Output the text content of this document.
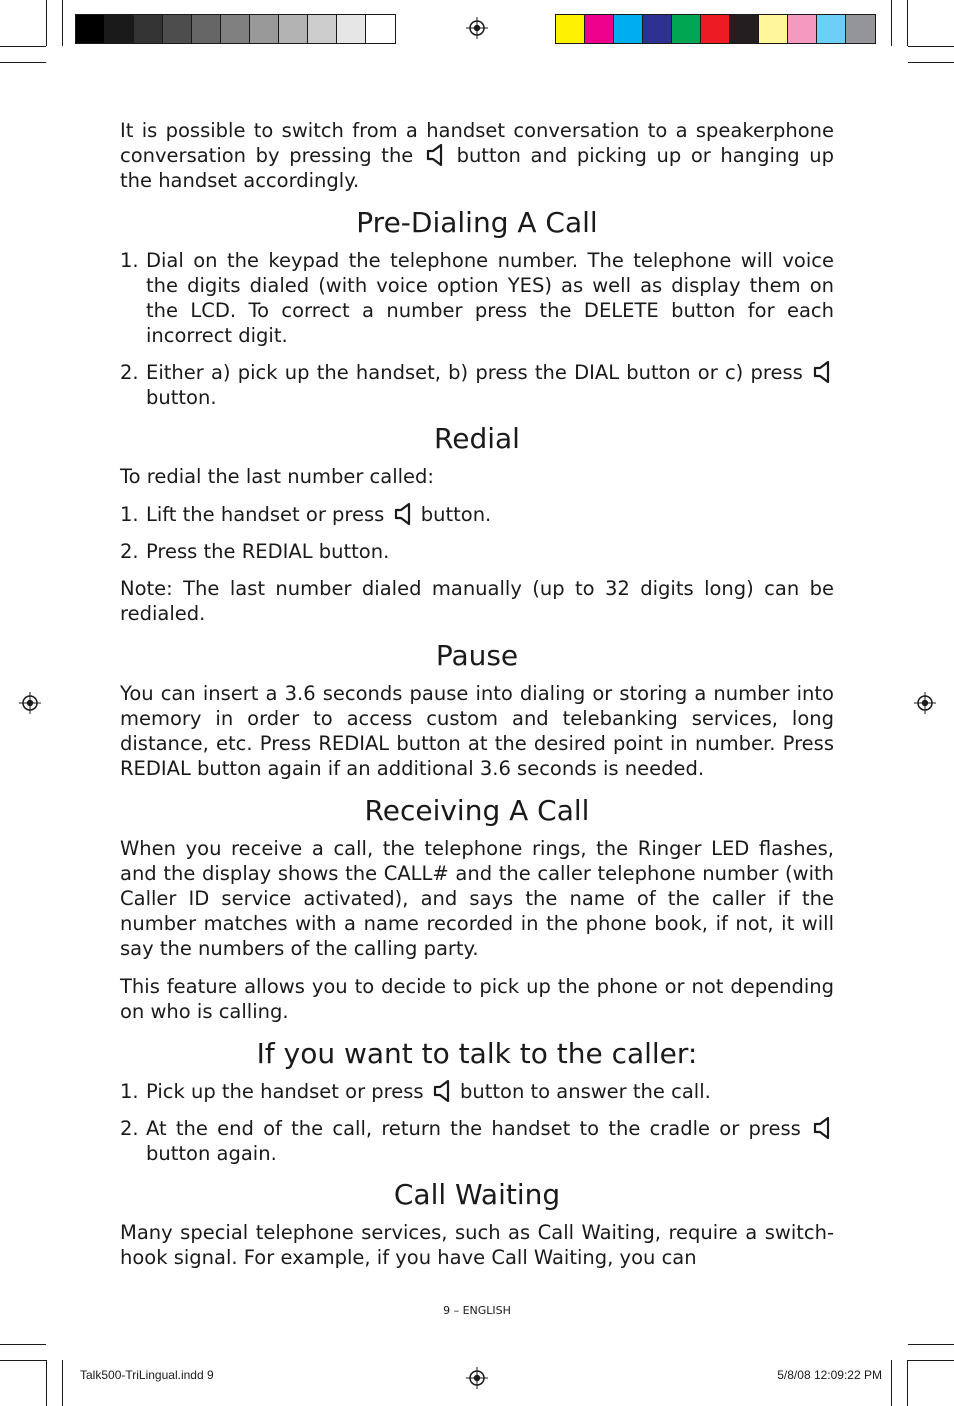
It is possible to switch from a handset conversation to a speakerphone conversation by pressing the  button and picking up or hanging up the handset accordingly.

Pre-Dialing A Call
1. Dial on the keypad the telephone number. The telephone will voice the digits dialed (with voice option YES) as well as display them on the LCD. To correct a number press the DELETE button for each incorrect digit.
2. Either a) pick up the handset, b) press the DIAL button or c) press  button.
Redial

To redial the last number called:

1. Lift the handset or press  button.
2. Press the REDIAL button.

Note: The last number dialed manually (up to 32 digits long) can be redialed.

Pause

You can insert a 3.6 seconds pause into dialing or storing a number into memory in order to access custom and telebanking services, long distance, etc. Press REDIAL button at the desired point in number. Press REDIAL button again if an additional 3.6 seconds is needed.

Receiving A Call

When you receive a call, the telephone rings, the Ringer LED flashes, and the display shows the CALL# and the caller telephone number (with Caller ID service activated), and says the name of the caller if the number matches with a name recorded in the phone book, if not, it will say the numbers of the calling party.

This feature allows you to decide to pick up the phone or not depending on who is calling.

If you want to talk to the caller:
1. Pick up the handset or press  button to answer the call.
2. At the end of the call, return the handset to the cradle or press  button again.
Call Waiting

Many special telephone services, such as Call Waiting, require a switch-hook signal. For example, if you have Call Waiting, you can

9 – ENGLISH
Talk500-TriLingual.indd 9	5/8/08 12:09:22 PM
